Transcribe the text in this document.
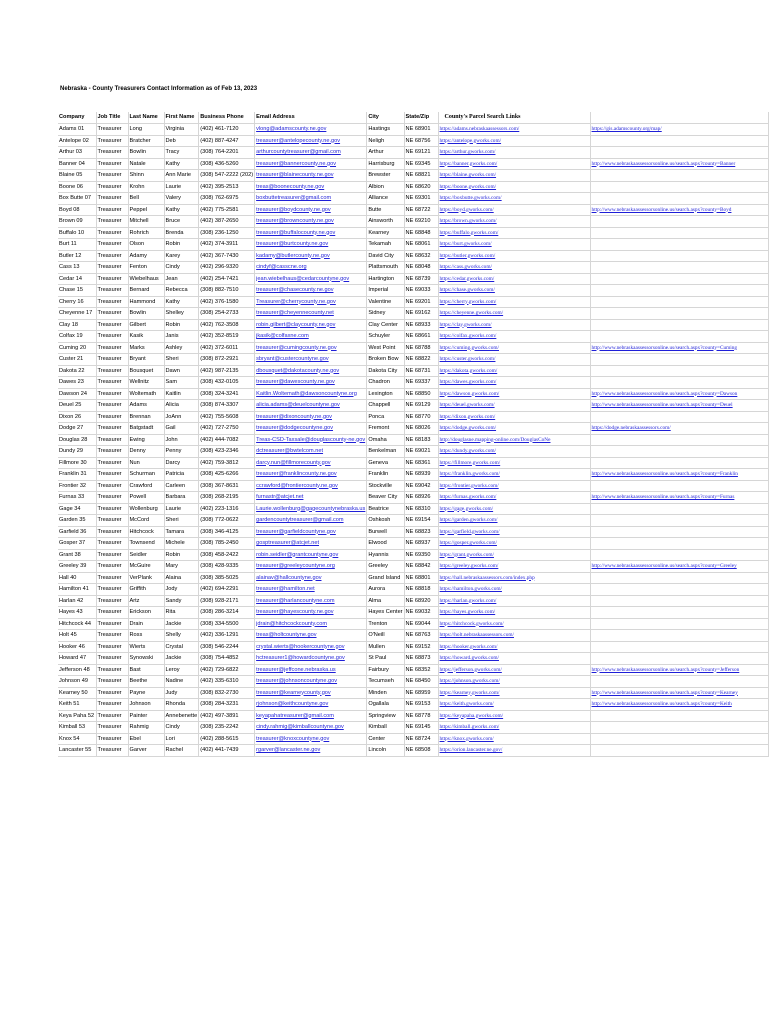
Nebraska - County Treasurers Contact Information as of Feb 13, 2023
Company	Job Title	Last Name	First Name	Business Phone	Email Address	City	State/Zip	County's Parcel Search Links	
Adams 01	Treasurer	Long	Virginia	(402) 461-7120	vlong@adamscounty.ne.gov	Hastings	NE 68901	https://adams.nebraskaassessors.com/	https://gis.adamscounty.org/map/
Antelope 02	Treasurer	Bratcher	Deb	(402) 887-4247	treasurer@antelopecounty.ne.gov	Neligh	NE 68756	https://antelope.gworks.com/	
Arthur 03	Treasurer	Bowlin	Tracy	(308) 764-2201	arthurcountytreasurer@gmail.com	Arthur	NE 69121	https://arthur.gworks.com/	
Banner 04	Treasurer	Natale	Kathy	(308) 436-5260	treasurer@bannercounty.ne.gov	Harrisburg	NE 69345	https://banner.gworks.com/	http://www.nebraskaassessorsonline.us/search.aspx?county=Banner
Blaine 05	Treasurer	Shinn	Ann Marie	(308) 547-2222 (202)	treasurer@blainecounty.ne.gov	Brewster	NE 68821	https://blaine.gworks.com/	
Boone 06	Treasurer	Krohn	Laurie	(402) 395-2513	treas@boonecounty.ne.gov	Albion	NE 68620	https://boone.gworks.com/	
Box Butte 07	Treasurer	Bell	Valery	(308) 762-6975	boxbuttetreasurer@gmail.com	Alliance	NE 69301	https://boxbutte.gworks.com/	
Boyd 08	Treasurer	Peppel	Kathy	(402) 775-2581	treasurer@boydcounty.ne.gov	Butte	NE 68722	https://boyd.gworks.com/	http://www.nebraskaassessorsonline.us/search.aspx?county=Boyd
Brown 09	Treasurer	Mitchell	Bruce	(402) 387-2650	treasurer@browncounty.ne.gov	Ainsworth	NE 69210	https://brown.gworks.com/	
Buffalo 10	Treasurer	Rohrich	Brenda	(308) 236-1250	treasurer@buffalocounty.ne.gov	Kearney	NE 68848	https://buffalo.gworks.com/	
Burt 11	Treasurer	Olson	Robin	(402) 374-3911	treasurer@burtcounty.ne.gov	Tekamah	NE 68061	https://burt.gworks.com/	
Butler 12	Treasurer	Adamy	Karey	(402) 367-7430	kadamy@butlercounty.ne.gov	David City	NE 68632	https://butler.gworks.com/	
Cass 13	Treasurer	Fenton	Cindy	(402) 296-9320	cindyf@casscne.org	Plattsmouth	NE 68048	https://cass.gworks.com/	
Cedar 14	Treasurer	Wiebelhaus	Jean	(402) 254-7421	jean.wiebelhaus@cedarcountyne.gov	Hartington	NE 68739	https://cedar.gworks.com/	
Chase 15	Treasurer	Bernard	Rebecca	(308) 882-7510	treasurer@chasecounty.ne.gov	Imperial	NE 69033	https://chase.gworks.com/	
Cherry 16	Treasurer	Hammond	Kathy	(402) 376-1580	Treasurer@cherrycounty.ne.gov	Valentine	NE 69201	https://cherry.gworks.com/	
Cheyenne 17	Treasurer	Bowlin	Shelley	(308) 254-2733	treasurer@cheyennecounty.net	Sidney	NE 69162	https://cheyenne.gworks.com/	
Clay 18	Treasurer	Gilbert	Robin	(402) 762-3508	robin.gilbert@claycounty.ne.gov	Clay Center	NE 68933	https://clay.gworks.com/	
Colfax 19	Treasurer	Kasik	Janis	(402) 352-8519	jkasik@colfaxne.com	Schuyler	NE 68661	https://colfax.gworks.com/	
Cuming 20	Treasurer	Marks	Ashley	(402) 372-6011	treasurer@cumingcounty.ne.gov	West Point	NE 68788	https://cuming.gworks.com/	http://www.nebraskaassessorsonline.us/search.aspx?county=Cuming
Custer 21	Treasurer	Bryant	Sheri	(308) 872-2921	sbryant@custercountyne.gov	Broken Bow	NE 68822	https://custer.gworks.com/	
Dakota 22	Treasurer	Bousquet	Dawn	(402) 987-2135	dbousquet@dakotacounty.ne.gov	Dakota City	NE 68731	https://dakota.gworks.com/	
Dawes 23	Treasurer	Wellnitz	Sam	(308) 432-0105	treasurer@dawescounty.ne.gov	Chadron	NE 69337	https://dawes.gworks.com/	
Dawson 24	Treasurer	Woltemath	Kaitlin	(308) 324-3241	Kaitlin.Woltemath@dawsoncountyne.org	Lexington	NE 68850	https://dawson.gworks.com/	http://www.nebraskaassessorsonline.us/search.aspx?county=Dawson
Deuel 25	Treasurer	Adams	Alicia	(308) 874-3307	alicia.adams@deuelcountyne.gov	Chappell	NE 69129	https://deuel.gworks.com/	http://www.nebraskaassessorsonline.us/search.aspx?county=Deuel
Dixon 26	Treasurer	Brennan	JoAnn	(402) 755-5608	treasurer@dixoncounty.ne.gov	Ponca	NE 68770	https://dixon.gworks.com/	
Dodge 27	Treasurer	Batgstadt	Gail	(402) 727-2750	treasurer@dodgecountyne.gov	Fremont	NE 68026	https://dodge.gworks.com/	https://dodge.nebraskaassessors.com/
Douglas 28	Treasurer	Ewing	John	(402) 444-7082	Treas-CSD-Taxsale@douglascounty-ne.gov	Omaha	NE 68183	http://douglasne.mapping-online.com/DouglasCoNe	
Dundy 29	Treasurer	Denny	Penny	(308) 423-2346	dctreasurer@bwtelcom.net	Benkelman	NE 69021	https://dundy.gworks.com/	
Fillmore 30	Treasurer	Nun	Darcy	(402) 759-3812	darcy.nun@fillmorecounty.gov	Geneva	NE 68361	https://fillmore.gworks.com/	
Franklin 31	Treasurer	Schurman	Patricia	(308) 425-6266	treasurer@franklincounty.ne.gov	Franklin	NE 68939	https://franklin.gworks.com/	http://www.nebraskaassessorsonline.us/search.aspx?county=Franklin
Frontier 32	Treasurer	Crawford	Carleen	(308) 367-8631	ccrawford@frontiercounty.ne.gov	Stockville	NE 69042	https://frontier.gworks.com/	
Furnas 33	Treasurer	Powell	Barbara	(308) 268-2195	furnastr@atcjet.net	Beaver City	NE 68926	https://furnas.gworks.com/	http://www.nebraskaassessorsonline.us/search.aspx?county=Furnas
Gage 34	Treasurer	Wollenburg	Laurie	(402) 223-1316	Laurie.wollenburg@gagecountynebraska.us	Beatrice	NE 68310	https://gage.gworks.com/	
Garden 35	Treasurer	McCord	Sheri	(308) 772-0622	gardencountytreasurer@gmail.com	Oshkosh	NE 69154	https://garden.gworks.com/	
Garfield 36	Treasurer	Hitchcock	Tamara	(308) 346-4125	treasurer@garfieldcountyne.gov	Burwell	NE 68823	https://garfield.gworks.com/	
Gosper 37	Treasurer	Townsend	Michele	(308) 785-2450	gosptreasurer@atcjet.net	Elwood	NE 68937	https://gosper.gworks.com/	
Grant 38	Treasurer	Seidler	Robin	(308) 458-2422	robin.seidler@grantcountyne.gov	Hyannis	NE 69350	https://grant.gworks.com/	
Greeley 39	Treasurer	McGuire	Mary	(308) 428-9335	treasurer@greeleycountyne.org	Greeley	NE 68842	https://greeley.gworks.com/	http://www.nebraskaassessorsonline.us/search.aspx?county=Greeley
Hall 40	Treasurer	VerPlank	Alaina	(308) 385-5025	alainav@hallcountyne.gov	Grand Island	NE 68801	https://hall.nebraskaassessors.com/index.php	
Hamilton 41	Treasurer	Griffith	Jody	(402) 694-2291	treasurer@hamilton.net	Aurora	NE 68818	https://hamilton.gworks.com/	
Harlan 42	Treasurer	Artz	Sandy	(308) 928-2171	treasurer@harlancountyne.com	Alma	NE 68920	https://harlan.gworks.com/	
Hayes 43	Treasurer	Erickson	Rita	(308) 286-3214	treasurer@hayescounty.ne.gov	Hayes Center	NE 69032	https://hayes.gworks.com/	
Hitchcock 44	Treasurer	Drain	Jackie	(308) 334-5500	jdrain@hitchcockcounty.com	Trenton	NE 69044	https://hitchcock.gworks.com/	
Holt 45	Treasurer	Ross	Shelly	(402) 336-1291	treas@holtcountyne.gov	O'Neill	NE 68763	https://holt.nebraskaassessors.com/	
Hooker 46	Treasurer	Wierts	Crystal	(308) 546-2244	crystal.wierts@hookercountyne.gov	Mullen	NE 69152	https://hooker.gworks.com/	
Howard 47	Treasurer	Synowski	Jackie	(308) 754-4852	hctreasurer1@howardcountyne.gov	St Paul	NE 68873	https://howard.gworks.com/	
Jefferson 48	Treasurer	Bast	Leroy	(402) 729-6822	treasurer@jeffcone.nebraska.us	Fairbury	NE 68352	https://jefferson.gworks.com/	http://www.nebraskaassessorsonline.us/search.aspx?county=Jefferson
Johnson 49	Treasurer	Beethe	Nadine	(402) 335-6310	treasurer@johnsoncountyne.gov	Tecumseh	NE 68450	https://johnson.gworks.com/	
Kearney 50	Treasurer	Payne	Judy	(308) 832-2730	treasurer@kearneycounty.gov	Minden	NE 68959	https://kearney.gworks.com/	http://www.nebraskaassessorsonline.us/search.aspx?county=Kearney
Keith 51	Treasurer	Johnson	Rhonda	(308) 284-3231	rjohnson@keithcountyne.gov	Ogallala	NE 69153	https://keith.gworks.com/	http://www.nebraskaassessorsonline.us/search.aspx?county=Keith
Keya Paha 52	Treasurer	Painter	Annebenette	(402) 497-3891	keyapahatreasurer@gmail.com	Springview	NE 68778	https://keyapaha.gworks.com/	
Kimball 53	Treasurer	Rahmig	Cindy	(308) 235-2242	cindy.rahmig@kimballcountyne.gov	Kimball	NE 69145	https://kimball.gworks.com/	
Knox 54	Treasurer	Ebel	Lori	(402) 288-5615	treasurer@knoxcountyne.gov	Center	NE 68724	https://knox.gworks.com/	
Lancaster 55	Treasurer	Garver	Rachel	(402) 441-7439	rgarver@lancaster.ne.gov	Lincoln	NE 68508	https://orion.lancaster.ne.gov/	
